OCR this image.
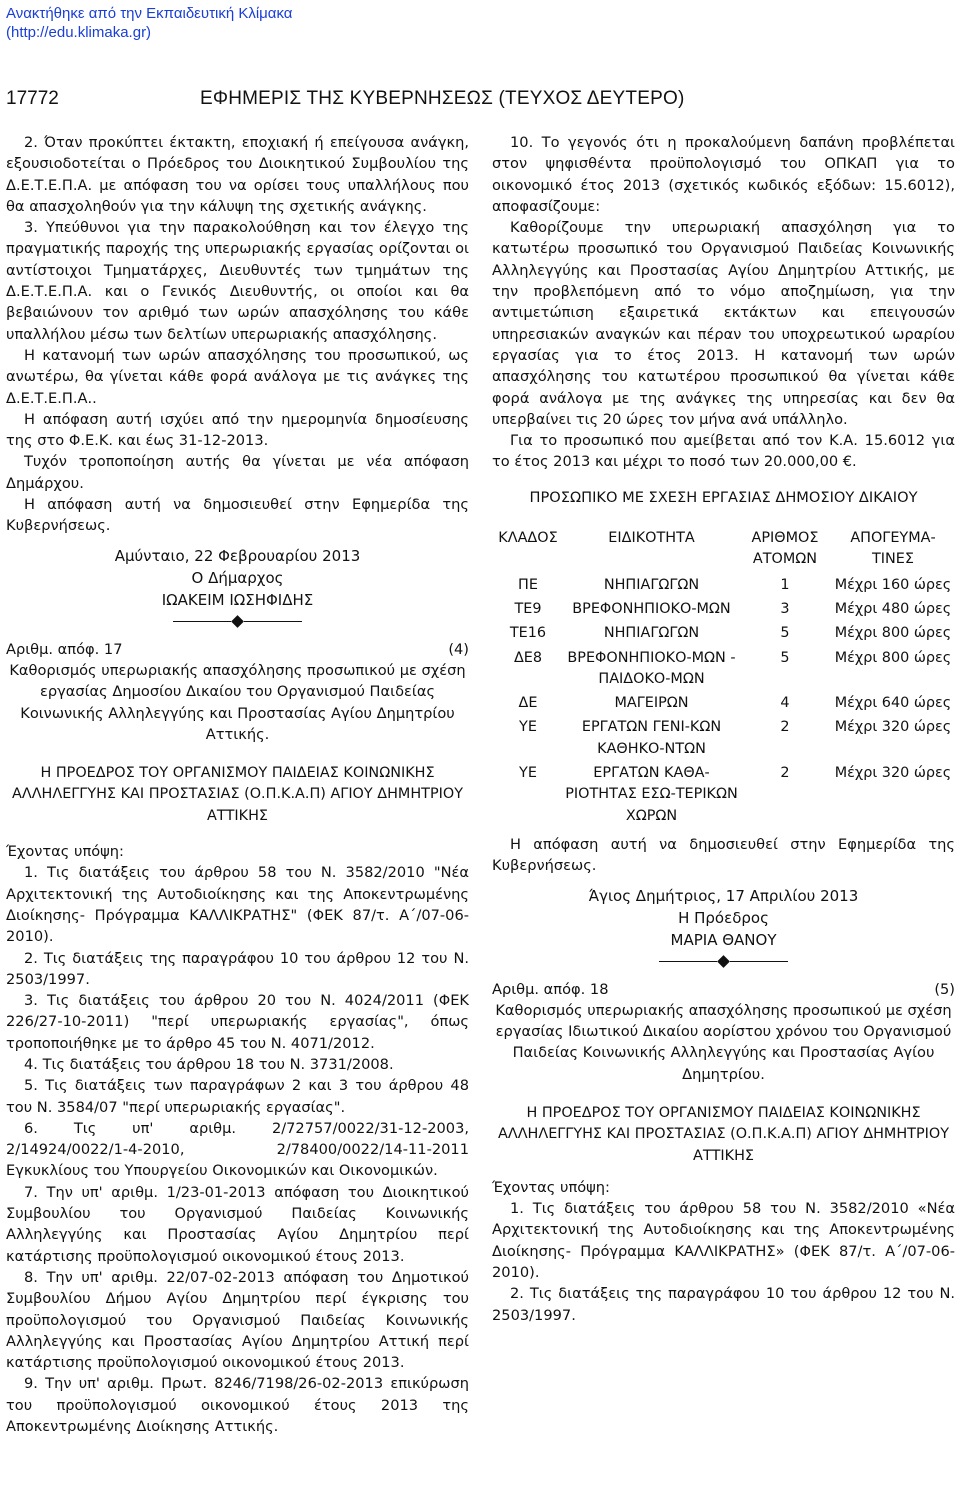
Ανακτήθηκε από την Εκπαιδευτική Κλίμακα
(http://edu.klimaka.gr)
17772	ΕΦΗΜΕΡΙΣ ΤΗΣ ΚΥΒΕΡΝΗΣΕΩΣ (ΤΕΥΧΟΣ ΔΕΥΤΕΡΟ)

2. Όταν προκύπτει έκτακτη, εποχιακή ή επείγουσα ανάγκη, εξουσιοδοτείται ο Πρόεδρος του Διοικητικού Συμβουλίου της Δ.Ε.Τ.Ε.Π.Α. με απόφαση του να ορίσει τους υπαλλήλους που θα απασχοληθούν για την κάλυψη της σχετικής ανάγκης.

3. Υπεύθυνοι για την παρακολούθηση και τον έλεγχο της πραγματικής παροχής της υπερωριακής εργασίας ορίζονται οι αντίστοιχοι Τμηματάρχες, Διευθυντές των τμημάτων της Δ.Ε.Τ.Ε.Π.Α. και ο Γενικός Διευθυντής, οι οποίοι και θα βεβαιώνουν τον αριθμό των ωρών απασχόλησης του κάθε υπαλλήλου μέσω των δελτίων υπερωριακής απασχόλησης.

Η κατανομή των ωρών απασχόλησης του προσωπικού, ως ανωτέρω, θα γίνεται κάθε φορά ανάλογα με τις ανάγκες της Δ.Ε.Τ.Ε.Π.Α..

Η απόφαση αυτή ισχύει από την ημερομηνία δημοσίευσης της στο Φ.Ε.Κ. και έως 31-12-2013.

Τυχόν τροποποίηση αυτής θα γίνεται με νέα απόφαση Δημάρχου.

Η απόφαση αυτή να δημοσιευθεί στην Εφημερίδα της Κυβερνήσεως.

Αμύνταιο, 22 Φεβρουαρίου 2013

Ο Δήμαρχος

ΙΩΑΚΕΙΜ ΙΩΣΗΦΙΔΗΣ

Αριθμ. απόφ. 17	(4)

Καθορισμός υπερωριακής απασχόλησης προσωπικού με σχέση εργασίας Δημοσίου Δικαίου του Οργανισμού Παιδείας Κοινωνικής Αλληλεγγύης και Προστασίας Αγίου Δημητρίου Αττικής.

Η ΠΡΟΕΔΡΟΣ ΤΟΥ ΟΡΓΑΝΙΣΜΟΥ ΠΑΙΔΕΙΑΣ ΚΟΙΝΩΝΙΚΗΣ ΑΛΛΗΛΕΓΓΥΗΣ ΚΑΙ ΠΡΟΣΤΑΣΙΑΣ (Ο.Π.Κ.Α.Π) ΑΓΙΟΥ ΔΗΜΗΤΡΙΟΥ ΑΤΤΙΚΗΣ

Έχοντας υπόψη:

1. Τις διατάξεις του άρθρου 58 του Ν. 3582/2010 "Νέα Αρχιτεκτονική της Αυτοδιοίκησης και της Αποκεντρωμένης Διοίκησης- Πρόγραμμα ΚΑΛΛΙΚΡΑΤΗΣ" (ΦΕΚ 87/τ. Α΄/07-06-2010).

2. Τις διατάξεις της παραγράφου 10 του άρθρου 12 του Ν. 2503/1997.

3. Τις διατάξεις του άρθρου 20 του Ν. 4024/2011 (ΦΕΚ 226/27-10-2011) "περί υπερωριακής εργασίας", όπως τροποποιήθηκε με το άρθρο 45 του Ν. 4071/2012.

4. Τις διατάξεις του άρθρου 18 του Ν. 3731/2008.

5. Τις διατάξεις των παραγράφων 2 και 3 του άρθρου 48 του Ν. 3584/07 "περί υπερωριακής εργασίας".

6. Τις υπ' αριθμ. 2/72757/0022/31-12-2003, 2/14924/0022/1-4-2010, 2/78400/0022/14-11-2011 Εγκυκλίους του Υπουργείου Οικονομικών και Οικονομικών.

7. Την υπ' αριθμ. 1/23-01-2013 απόφαση του Διοικητικού Συμβουλίου του Οργανισμού Παιδείας Κοινωνικής Αλληλεγγύης και Προστασίας Αγίου Δημητρίου περί κατάρτισης προϋπολογισμού οικονομικού έτους 2013.

8. Την υπ' αριθμ. 22/07-02-2013 απόφαση του Δημοτικού Συμβουλίου Δήμου Αγίου Δημητρίου περί έγκρισης του προϋπολογισμού του Οργανισμού Παιδείας Κοινωνικής Αλληλεγγύης και Προστασίας Αγίου Δημητρίου Αττική περί κατάρτισης προϋπολογισμού οικονομικού έτους 2013.

9. Την υπ' αριθμ. Πρωτ. 8246/7198/26-02-2013 επικύρωση του προϋπολογισμού οικονομικού έτους 2013 της Αποκεντρωμένης Διοίκησης Αττικής.

10. Το γεγονός ότι η προκαλούμενη δαπάνη προβλέπεται στον ψηφισθέντα προϋπολογισμό του ΟΠΚΑΠ για το οικονομικό έτος 2013 (σχετικός κωδικός εξόδων: 15.6012), αποφασίζουμε:

Καθορίζουμε την υπερωριακή απασχόληση για το κατωτέρω προσωπικό του Οργανισμού Παιδείας Κοινωνικής Αλληλεγγύης και Προστασίας Αγίου Δημητρίου Αττικής, με την προβλεπόμενη από το νόμο αποζημίωση, για την αντιμετώπιση εξαιρετικά εκτάκτων και επειγουσών υπηρεσιακών αναγκών και πέραν του υποχρεωτικού ωραρίου εργασίας για το έτος 2013. Η κατανομή των ωρών απασχόλησης του κατωτέρου προσωπικού θα γίνεται κάθε φορά ανάλογα με της ανάγκες της υπηρεσίας και δεν θα υπερβαίνει τις 20 ώρες τον μήνα ανά υπάλληλο.

Για το προσωπικό που αμείβεται από τον Κ.Α. 15.6012 για το έτος 2013 και μέχρι το ποσό των 20.000,00 €.

ΠΡΟΣΩΠΙΚΟ ΜΕ ΣΧΕΣΗ ΕΡΓΑΣΙΑΣ ΔΗΜΟΣΙΟΥ ΔΙΚΑΙΟΥ

ΚΛΑΔΟΣ	ΕΙΔΙΚΟΤΗΤΑ	ΑΡΙΘΜΟΣ ΑΤΟΜΩΝ	ΑΠΟΓΕΥΜΑ-ΤΙΝΕΣ
ΠΕ	ΝΗΠΙΑΓΩΓΩΝ	1	Μέχρι 160 ώρες
ΤΕ9	ΒΡΕΦΟΝΗΠΙΟΚΟ-ΜΩΝ	3	Μέχρι 480 ώρες
ΤΕ16	ΝΗΠΙΑΓΩΓΩΝ	5	Μέχρι 800 ώρες
ΔΕ8	ΒΡΕΦΟΝΗΠΙΟΚΟ-ΜΩΝ - ΠΑΙΔΟΚΟ-ΜΩΝ	5	Μέχρι 800 ώρες
ΔΕ	ΜΑΓΕΙΡΩΝ	4	Μέχρι 640 ώρες
ΥΕ	ΕΡΓΑΤΩΝ ΓΕΝΙ-ΚΩΝ ΚΑΘΗΚΟ-ΝΤΩΝ	2	Μέχρι 320 ώρες
ΥΕ	ΕΡΓΑΤΩΝ ΚΑΘΑ-ΡΙΟΤΗΤΑΣ ΕΣΩ-ΤΕΡΙΚΩΝ ΧΩΡΩΝ	2	Μέχρι 320 ώρες

Η απόφαση αυτή να δημοσιευθεί στην Εφημερίδα της Κυβερνήσεως.

Άγιος Δημήτριος, 17 Απριλίου 2013

Η Πρόεδρος

ΜΑΡΙΑ ΘΑΝΟΥ

Αριθμ. απόφ. 18	(5)

Καθορισμός υπερωριακής απασχόλησης προσωπικού με σχέση εργασίας Ιδιωτικού Δικαίου αορίστου χρόνου του Οργανισμού Παιδείας Κοινωνικής Αλληλεγγύης και Προστασίας Αγίου Δημητρίου.

Η ΠΡΟΕΔΡΟΣ ΤΟΥ ΟΡΓΑΝΙΣΜΟΥ ΠΑΙΔΕΙΑΣ ΚΟΙΝΩΝΙΚΗΣ ΑΛΛΗΛΕΓΓΥΗΣ ΚΑΙ ΠΡΟΣΤΑΣΙΑΣ (Ο.Π.Κ.Α.Π) ΑΓΙΟΥ ΔΗΜΗΤΡΙΟΥ ΑΤΤΙΚΗΣ

Έχοντας υπόψη:

1. Τις διατάξεις του άρθρου 58 του Ν. 3582/2010 «Νέα Αρχιτεκτονική της Αυτοδιοίκησης και της Αποκεντρωμένης Διοίκησης- Πρόγραμμα ΚΑΛΛΙΚΡΑΤΗΣ» (ΦΕΚ 87/τ. Α΄/07-06-2010).

2. Τις διατάξεις της παραγράφου 10 του άρθρου 12 του Ν. 2503/1997.
